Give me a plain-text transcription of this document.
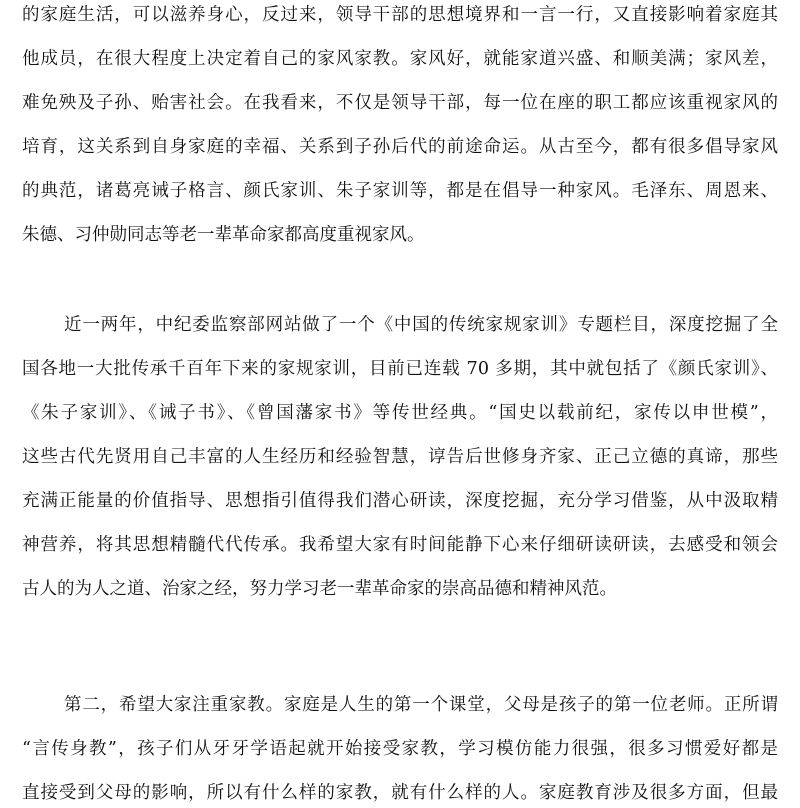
的家庭生活，可以滋养身心，反过来，领导干部的思想境界和一言一行，又直接影响着家庭其
他成员，在很大程度上决定着自己的家风家教。家风好，就能家道兴盛、和顺美满；家风差，
难免殃及子孙、贻害社会。在我看来，不仅是领导干部，每一位在座的职工都应该重视家风的
培育，这关系到自身家庭的幸福、关系到子孙后代的前途命运。从古至今，都有很多倡导家风
的典范，诸葛亮诫子格言、颜氏家训、朱子家训等，都是在倡导一种家风。毛泽东、周恩来、
朱德、习仲勋同志等老一辈革命家都高度重视家风。
近一两年，中纪委监察部网站做了一个《中国的传统家规家训》专题栏目，深度挖掘了全
国各地一大批传承千百年下来的家规家训，目前已连载 70 多期，其中就包括了《颜氏家训》、
《朱子家训》、《诫子书》、《曾国藩家书》等传世经典。“国史以载前纪，家传以申世模”，
这些古代先贤用自己丰富的人生经历和经验智慧，谆告后世修身齐家、正己立德的真谛，那些
充满正能量的价值指导、思想指引值得我们潜心研读，深度挖掘，充分学习借鉴，从中汲取精
神营养，将其思想精髓代代传承。我希望大家有时间能静下心来仔细研读研读，去感受和领会
古人的为人之道、治家之经，努力学习老一辈革命家的崇高品德和精神风范。
第二，希望大家注重家教。家庭是人生的第一个课堂，父母是孩子的第一位老师。正所谓
“言传身教”，孩子们从牙牙学语起就开始接受家教，学习模仿能力很强，很多习惯爱好都是
直接受到父母的影响，所以有什么样的家教，就有什么样的人。家庭教育涉及很多方面，但最
